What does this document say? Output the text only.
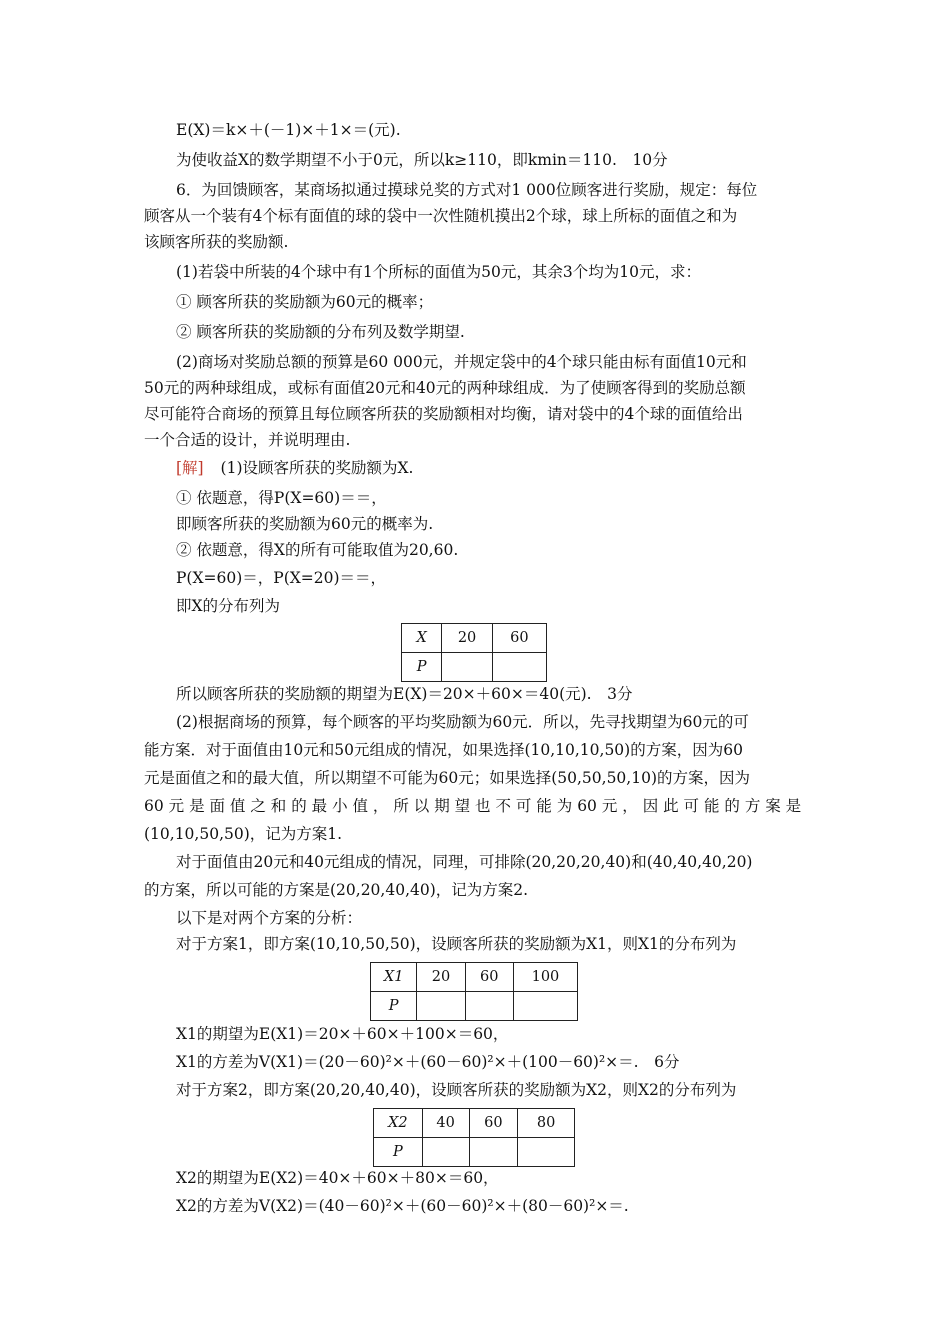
E(X)＝k×＋(－1)×＋1×＝(元).
为使收益X的数学期望不小于0元，所以k≥110，即kmin＝110.　10分
6．为回馈顾客，某商场拟通过摸球兑奖的方式对1 000位顾客进行奖励，规定：每位
顾客从一个装有4个标有面值的球的袋中一次性随机摸出2个球，球上所标的面值之和为
该顾客所获的奖励额.
(1)若袋中所装的4个球中有1个所标的面值为50元，其余3个均为10元，求：
① 顾客所获的奖励额为60元的概率；
② 顾客所获的奖励额的分布列及数学期望.
(2)商场对奖励总额的预算是60 000元，并规定袋中的4个球只能由标有面值10元和
50元的两种球组成，或标有面值20元和40元的两种球组成．为了使顾客得到的奖励总额
尽可能符合商场的预算且每位顾客所获的奖励额相对均衡，请对袋中的4个球的面值给出
一个合适的设计，并说明理由.
[解] (1)设顾客所获的奖励额为X.
① 依题意，得P(X=60)＝＝，
即顾客所获的奖励额为60元的概率为.
② 依题意，得X的所有可能取值为20,60.
P(X=60)＝，P(X=20)＝＝，
即X的分布列为
X	20	60
P		
所以顾客所获的奖励额的期望为E(X)＝20×＋60×＝40(元).　3分
(2)根据商场的预算，每个顾客的平均奖励额为60元．所以，先寻找期望为60元的可
能方案．对于面值由10元和50元组成的情况，如果选择(10,10,10,50)的方案，因为60
元是面值之和的最大值，所以期望不可能为60元；如果选择(50,50,50,10)的方案，因为
60 元 是 面 值 之 和 的 最 小 值 ， 所 以 期 望 也 不 可 能 为 60 元 ， 因 此 可 能 的 方 案 是
(10,10,50,50)，记为方案1.
对于面值由20元和40元组成的情况，同理，可排除(20,20,20,40)和(40,40,40,20)
的方案，所以可能的方案是(20,20,40,40)，记为方案2.
以下是对两个方案的分析：
对于方案1，即方案(10,10,50,50)，设顾客所获的奖励额为X1，则X1的分布列为
X1	20	60	100
P			
X1的期望为E(X1)＝20×＋60×＋100×＝60，
X1的方差为V(X1)＝(20－60)²×＋(60－60)²×＋(100－60)²×＝.　6分
对于方案2，即方案(20,20,40,40)，设顾客所获的奖励额为X2，则X2的分布列为
X2	40	60	80
P			
X2的期望为E(X2)＝40×＋60×＋80×＝60，
X2的方差为V(X2)＝(40－60)²×＋(60－60)²×＋(80－60)²×＝.
